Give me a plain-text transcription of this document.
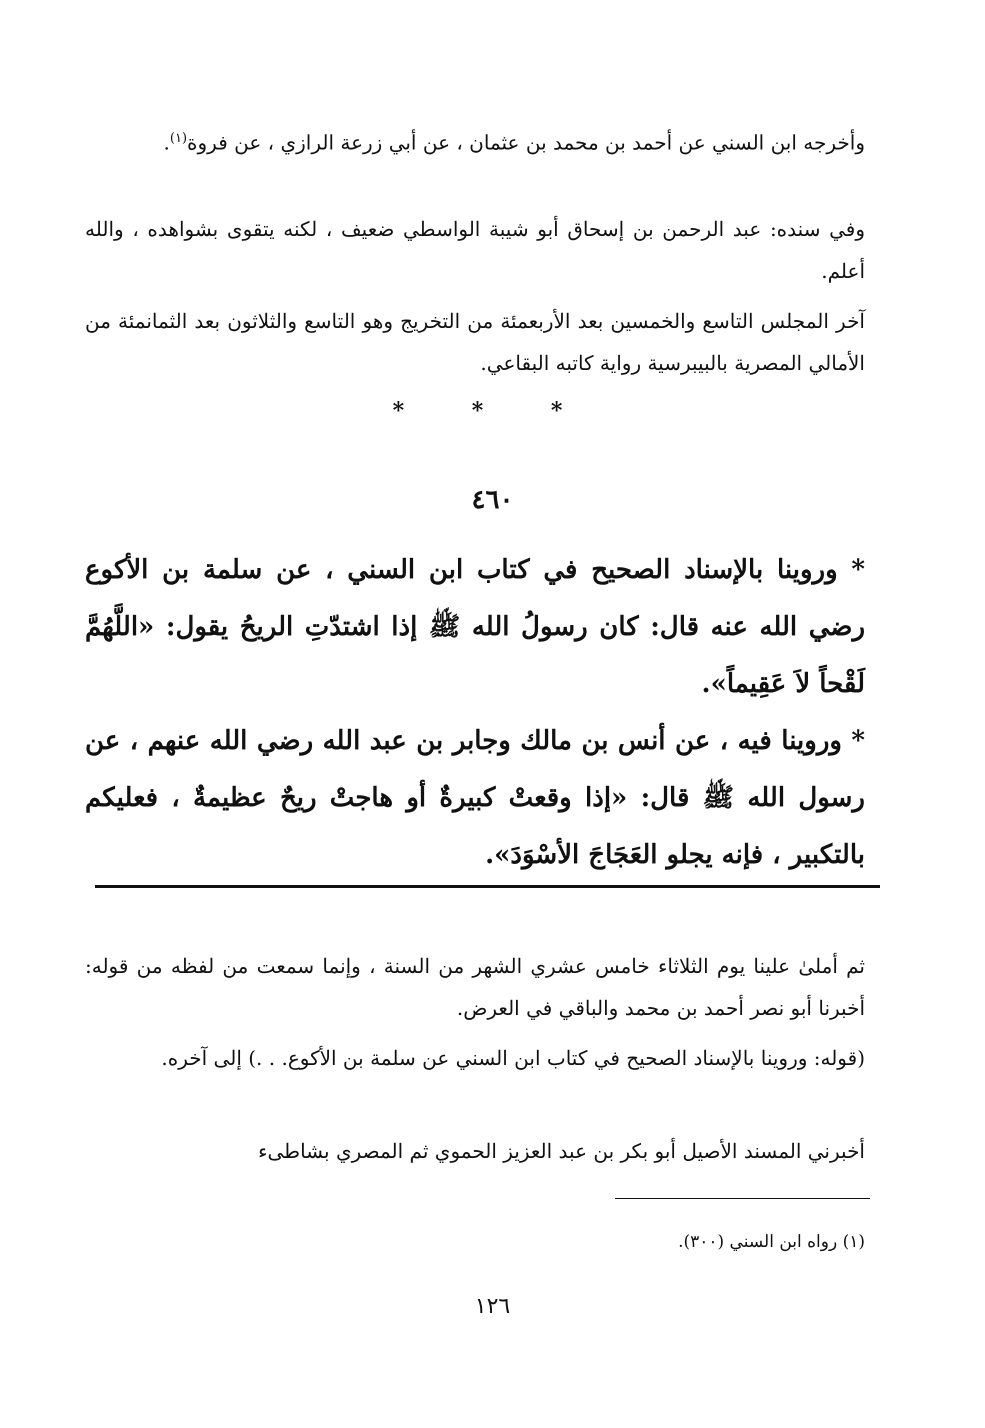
وأخرجه ابن السني عن أحمد بن محمد بن عثمان ، عن أبي زرعة الرازي ، عن فروة$^{(١)}$.

وفي سنده: عبد الرحمن بن إسحاق أبو شيبة الواسطي ضعيف ، لكنه يتقوى بشواهده ، والله أعلم.

آخر المجلس التاسع والخمسين بعد الأربعمئة من التخريج وهو التاسع والثلاثون بعد الثمانمئة من الأمالي المصرية بالبيبرسية رواية كاتبه البقاعي.

* * *
٤٦٠

* وروينا بالإسناد الصحيح في كتاب ابن السني ، عن سلمة بن الأكوع رضي الله عنه قال: كان رسولُ الله ﷺ إذا اشتدّتِ الريحُ يقول: «اللَّهُمَّ لَقْحاً لاَ عَقِيماً».

* وروينا فيه ، عن أنس بن مالك وجابر بن عبد الله رضي الله عنهم ، عن رسول الله ﷺ قال: «إذا وقعتْ كبيرةٌ أو هاجتْ ريحٌ عظيمةٌ ، فعليكم بالتكبير ، فإنه يجلو العَجَاجَ الأسْوَدَ».

ثم أملىٰ علينا يوم الثلاثاء خامس عشري الشهر من السنة ، وإنما سمعت من لفظه من قوله: أخبرنا أبو نصر أحمد بن محمد والباقي في العرض.

(قوله: وروينا بالإسناد الصحيح في كتاب ابن السني عن سلمة بن الأكوع. . .) إلى آخره.

أخبرني المسند الأصيل أبو بكر بن عبد العزيز الحموي ثم المصري بشاطىء

(١) رواه ابن السني (٣٠٠).

١٢٦
